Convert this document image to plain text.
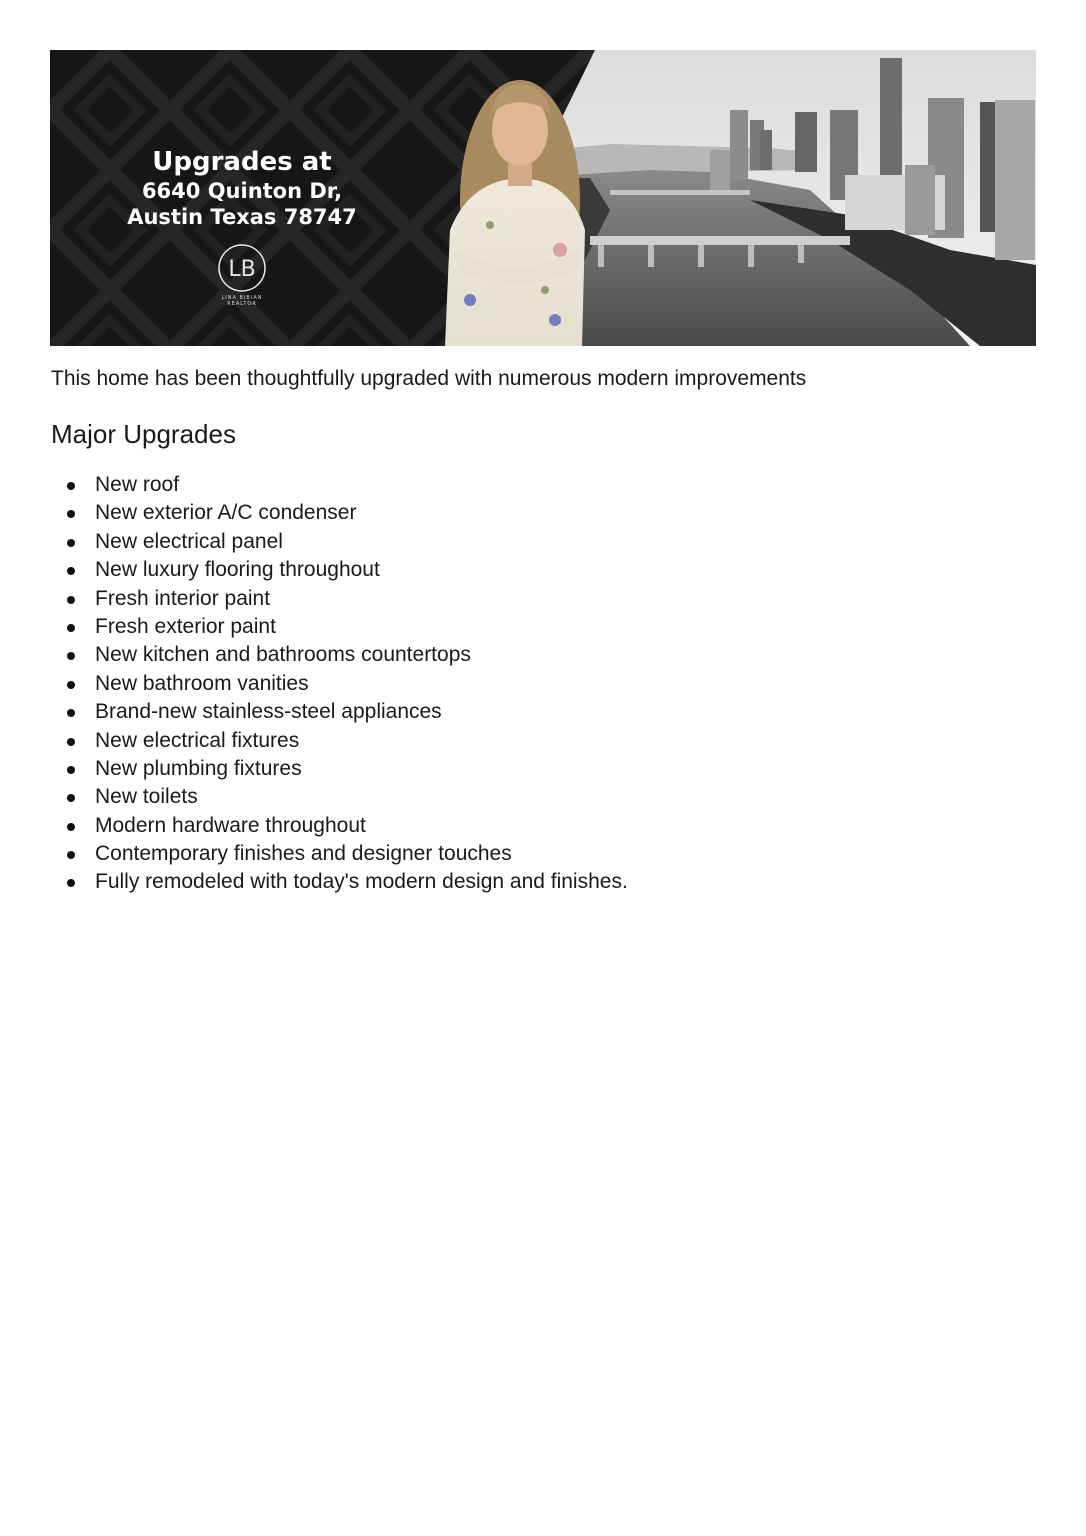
Upgrades at
6640 Quinton Dr,
Austin Texas 78747
LB
LINA BIBIAN REALTOR

This home has been thoughtfully upgraded with numerous modern improvements

Major Upgrades
New roof
New exterior A/C condenser
New electrical panel
New luxury flooring throughout
Fresh interior paint
Fresh exterior paint
New kitchen and bathrooms countertops
New bathroom vanities
Brand-new stainless-steel appliances
New electrical fixtures
New plumbing fixtures
New toilets
Modern hardware throughout
Contemporary finishes and designer touches
Fully remodeled with today's modern design and finishes.
